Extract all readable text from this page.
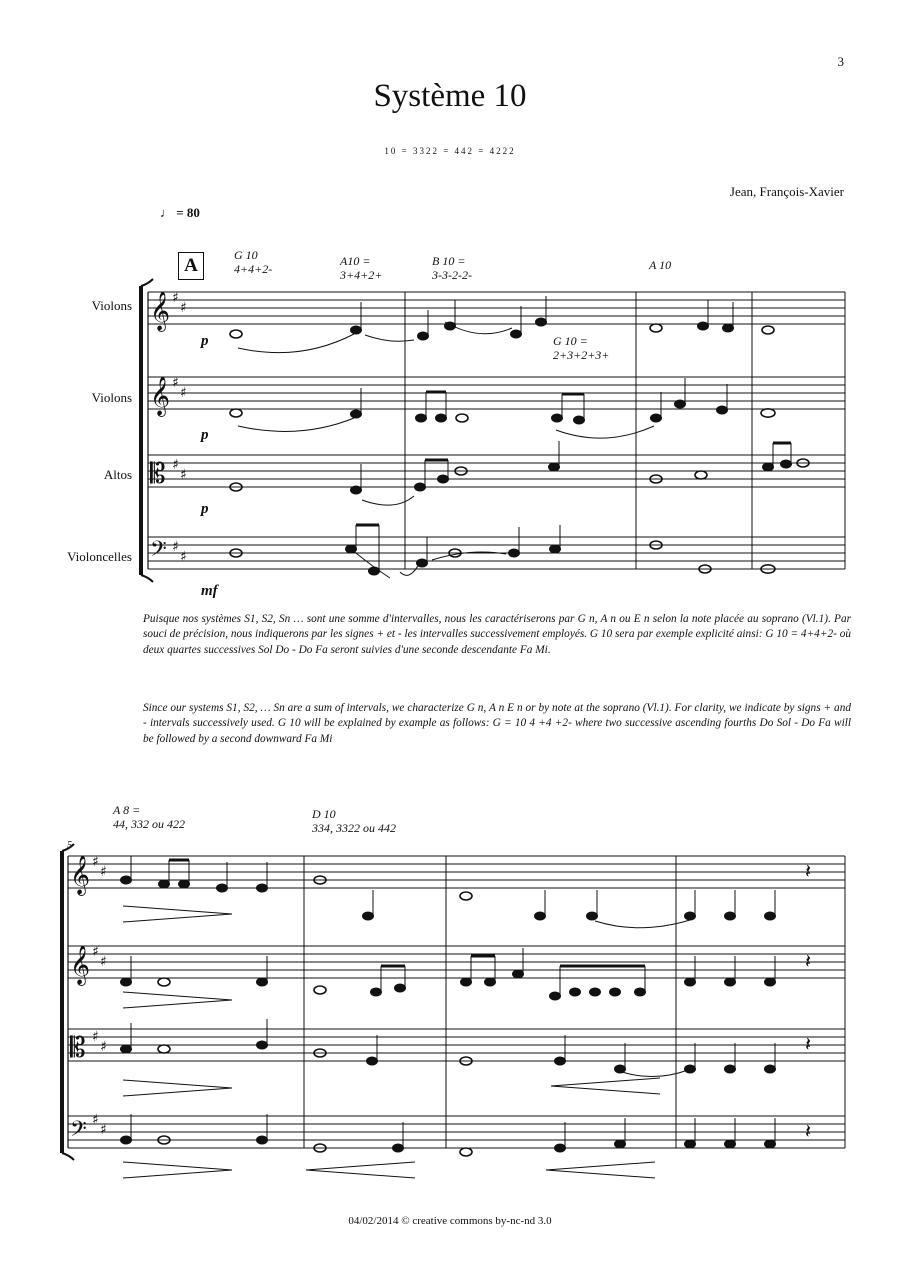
3
Système 10
10 = 3322 = 442 = 4222
Jean, François-Xavier
♩ = 80
A	G 10
4+4+2-
A10 =
3+4+2+
B 10 =
3-3-2-2-
G 10 =
2+3+2+3+
A 10
Violons
Violons
Altos
Violoncelles
p
p
p
mf
Puisque nos systèmes S1, S2, Sn … sont une somme d'intervalles, nous les caractériserons par G n, A n ou E n selon la note placée au soprano (Vl.1). Par souci de précision, nous indiquerons par les signes + et - les intervalles successivement employés. G 10 sera par exemple explicité ainsi: G 10 = 4+4+2- où deux quartes successives Sol Do - Do Fa seront suivies d'une seconde descendante Fa Mi.
Since our systems S1, S2, … Sn are a sum of intervals, we characterize G n, A n E n or by note at the soprano (Vl.1). For clarity, we indicate by signs + and - intervals successively used. G 10 will be explained by example as follows: G = 10 4 +4 +2- where two successive ascending fourths Do Sol - Do Fa will be followed by a second downward Fa Mi
A 8 =
44, 332 ou 422
D 10
334, 3322 ou 442
5
04/02/2014 © creative commons by-nc-nd 3.0
𝄞
𝄞
𝄡
𝄢
♯
♯
♯
♯
♯
♯
♯
♯
𝄞
𝄞
𝄡
𝄢
♯
♯
♯
♯
♯
♯
♯
♯
𝄽
𝄽
𝄽
𝄽
